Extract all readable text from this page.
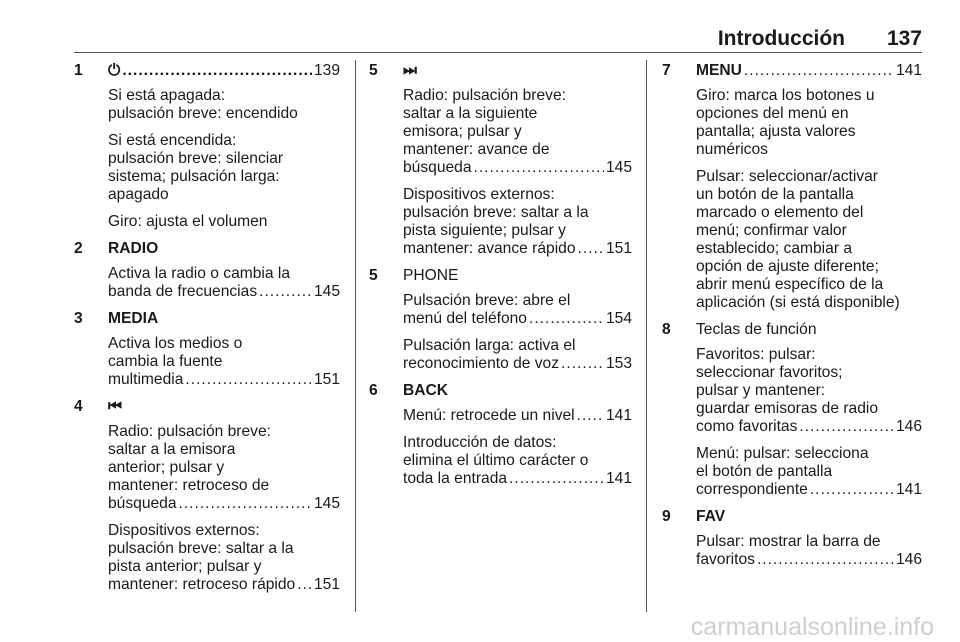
Introducción 137
1 ⏻ .....	139
Si está apagada:
pulsación breve: encendido
Si está encendida:
pulsación breve: silenciar
sistema; pulsación larga:
apagado
Giro: ajusta el volumen
2 RADIO
Activa la radio o cambia la
banda de frecuencias .....	145
3 MEDIA
Activa los medios o
cambia la fuente
multimedia .....	151
4 ⏮
Radio: pulsación breve:
saltar a la emisora
anterior; pulsar y
mantener: retroceso de
búsqueda .....	145
Dispositivos externos:
pulsación breve: saltar a la
pista anterior; pulsar y
mantener: retroceso rápido ..... 151
5 ⏭
Radio: pulsación breve:
saltar a la siguiente
emisora; pulsar y
mantener: avance de
búsqueda .....	145
Dispositivos externos:
pulsación breve: saltar a la
pista siguiente; pulsar y
mantener: avance rápido ..... 151
5 PHONE
Pulsación breve: abre el
menú del teléfono .....	154
Pulsación larga: activa el
reconocimiento de voz .....	153
6 BACK
Menú: retrocede un nivel ..... 141
Introducción de datos:
elimina el último carácter o
toda la entrada .....	141
7 MENU .....	141
Giro: marca los botones u
opciones del menú en
pantalla; ajusta valores
numéricos
Pulsar: seleccionar/activar
un botón de la pantalla
marcado o elemento del
menú; confirmar valor
establecido; cambiar a
opción de ajuste diferente;
abrir menú específico de la
aplicación (si está disponible)
8 Teclas de función
Favoritos: pulsar:
seleccionar favoritos;
pulsar y mantener:
guardar emisoras de radio
como favoritas .....	146
Menú: pulsar: selecciona
el botón de pantalla
correspondiente .....	141
9 FAV
Pulsar: mostrar la barra de
favoritos .....	146
carmanualsonline.info
